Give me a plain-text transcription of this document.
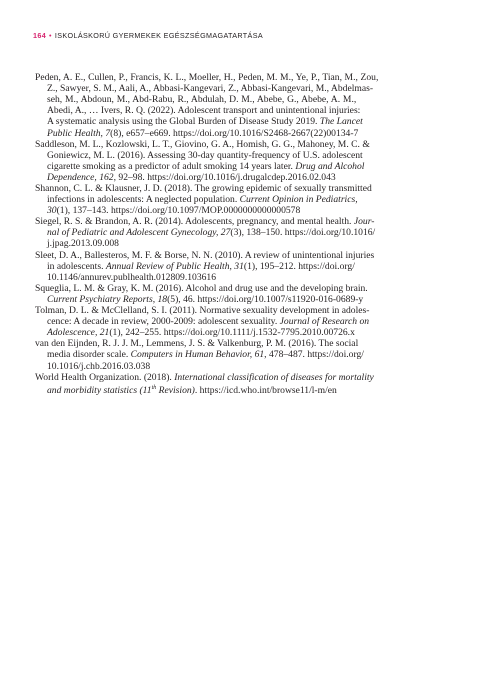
164 • ISKOLÁSKORÚ GYERMEKEK EGÉSZSÉGMAGATARTÁSA
Peden, A. E., Cullen, P., Francis, K. L., Moeller, H., Peden, M. M., Ye, P., Tian, M., Zou,
Z., Sawyer, S. M., Aali, A., Abbasi-Kangevari, Z., Abbasi-Kangevari, M., Abdelmas-
seh, M., Abdoun, M., Abd-Rabu, R., Abdulah, D. M., Abebe, G., Abebe, A. M.,
Abedi, A., … Ivers, R. Q. (2022). Adolescent transport and unintentional injuries:
A systematic analysis using the Global Burden of Disease Study 2019. The Lancet
Public Health, 7(8), e657–e669. https://doi.org/10.1016/S2468-2667(22)00134-7
Saddleson, M. L., Kozlowski, L. T., Giovino, G. A., Homish, G. G., Mahoney, M. C. &
Goniewicz, M. L. (2016). Assessing 30-day quantity-frequency of U.S. adolescent
cigarette smoking as a predictor of adult smoking 14 years later. Drug and Alcohol
Dependence, 162, 92–98. https://doi.org/10.1016/j.drugalcdep.2016.02.043
Shannon, C. L. & Klausner, J. D. (2018). The growing epidemic of sexually transmitted
infections in adolescents: A neglected population. Current Opinion in Pediatrics,
30(1), 137–143. https://doi.org/10.1097/MOP.0000000000000578
Siegel, R. S. & Brandon, A. R. (2014). Adolescents, pregnancy, and mental health. Jour-
nal of Pediatric and Adolescent Gynecology, 27(3), 138–150. https://doi.org/10.1016/
j.jpag.2013.09.008
Sleet, D. A., Ballesteros, M. F. & Borse, N. N. (2010). A review of unintentional injuries
in adolescents. Annual Review of Public Health, 31(1), 195–212. https://doi.org/
10.1146/annurev.publhealth.012809.103616
Squeglia, L. M. & Gray, K. M. (2016). Alcohol and drug use and the developing brain.
Current Psychiatry Reports, 18(5), 46. https://doi.org/10.1007/s11920-016-0689-y
Tolman, D. L. & McClelland, S. I. (2011). Normative sexuality development in adoles-
cence: A decade in review, 2000-2009: adolescent sexuality. Journal of Research on
Adolescence, 21(1), 242–255. https://doi.org/10.1111/j.1532-7795.2010.00726.x
van den Eijnden, R. J. J. M., Lemmens, J. S. & Valkenburg, P. M. (2016). The social
media disorder scale. Computers in Human Behavior, 61, 478–487. https://doi.org/
10.1016/j.chb.2016.03.038
World Health Organization. (2018). International classification of diseases for mortality
and morbidity statistics (11th Revision). https://icd.who.int/browse11/l-m/en
